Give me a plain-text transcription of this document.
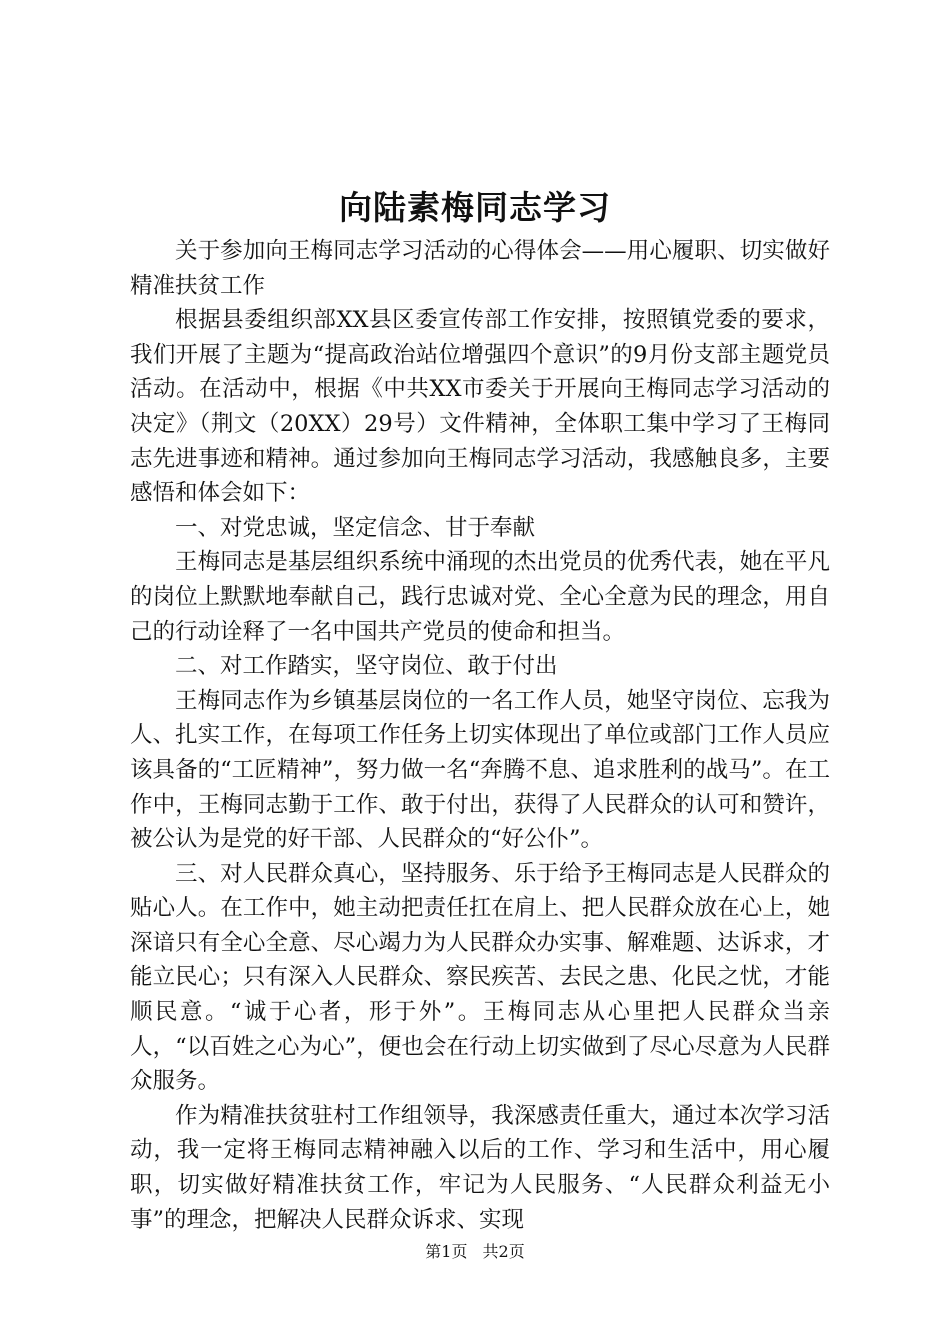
向陆素梅同志学习

关于参加向王梅同志学习活动的心得体会——用心履职、切实做好精准扶贫工作

根据县委组织部XX县区委宣传部工作安排，按照镇党委的要求，我们开展了主题为“提高政治站位增强四个意识”的9月份支部主题党员活动。在活动中，根据《中共XX市委关于开展向王梅同志学习活动的决定》（荆文（20XX）29号）文件精神，全体职工集中学习了王梅同志先进事迹和精神。通过参加向王梅同志学习活动，我感触良多，主要感悟和体会如下：

一、对党忠诚，坚定信念、甘于奉献

王梅同志是基层组织系统中涌现的杰出党员的优秀代表，她在平凡的岗位上默默地奉献自己，践行忠诚对党、全心全意为民的理念，用自己的行动诠释了一名中国共产党员的使命和担当。

二、对工作踏实，坚守岗位、敢于付出

王梅同志作为乡镇基层岗位的一名工作人员，她坚守岗位、忘我为人、扎实工作，在每项工作任务上切实体现出了单位或部门工作人员应该具备的“工匠精神”，努力做一名“奔腾不息、追求胜利的战马”。在工作中，王梅同志勤于工作、敢于付出，获得了人民群众的认可和赞许，被公认为是党的好干部、人民群众的“好公仆”。

三、对人民群众真心，坚持服务、乐于给予王梅同志是人民群众的贴心人。在工作中，她主动把责任扛在肩上、把人民群众放在心上，她深谙只有全心全意、尽心竭力为人民群众办实事、解难题、达诉求，才能立民心；只有深入人民群众、察民疾苦、去民之患、化民之忧，才能顺民意。“诚于心者，形于外”。王梅同志从心里把人民群众当亲人，“以百姓之心为心”，便也会在行动上切实做到了尽心尽意为人民群众服务。

作为精准扶贫驻村工作组领导，我深感责任重大，通过本次学习活动，我一定将王梅同志精神融入以后的工作、学习和生活中，用心履职，切实做好精准扶贫工作，牢记为人民服务、“人民群众利益无小事”的理念，把解决人民群众诉求、实现

第1页 共2页
